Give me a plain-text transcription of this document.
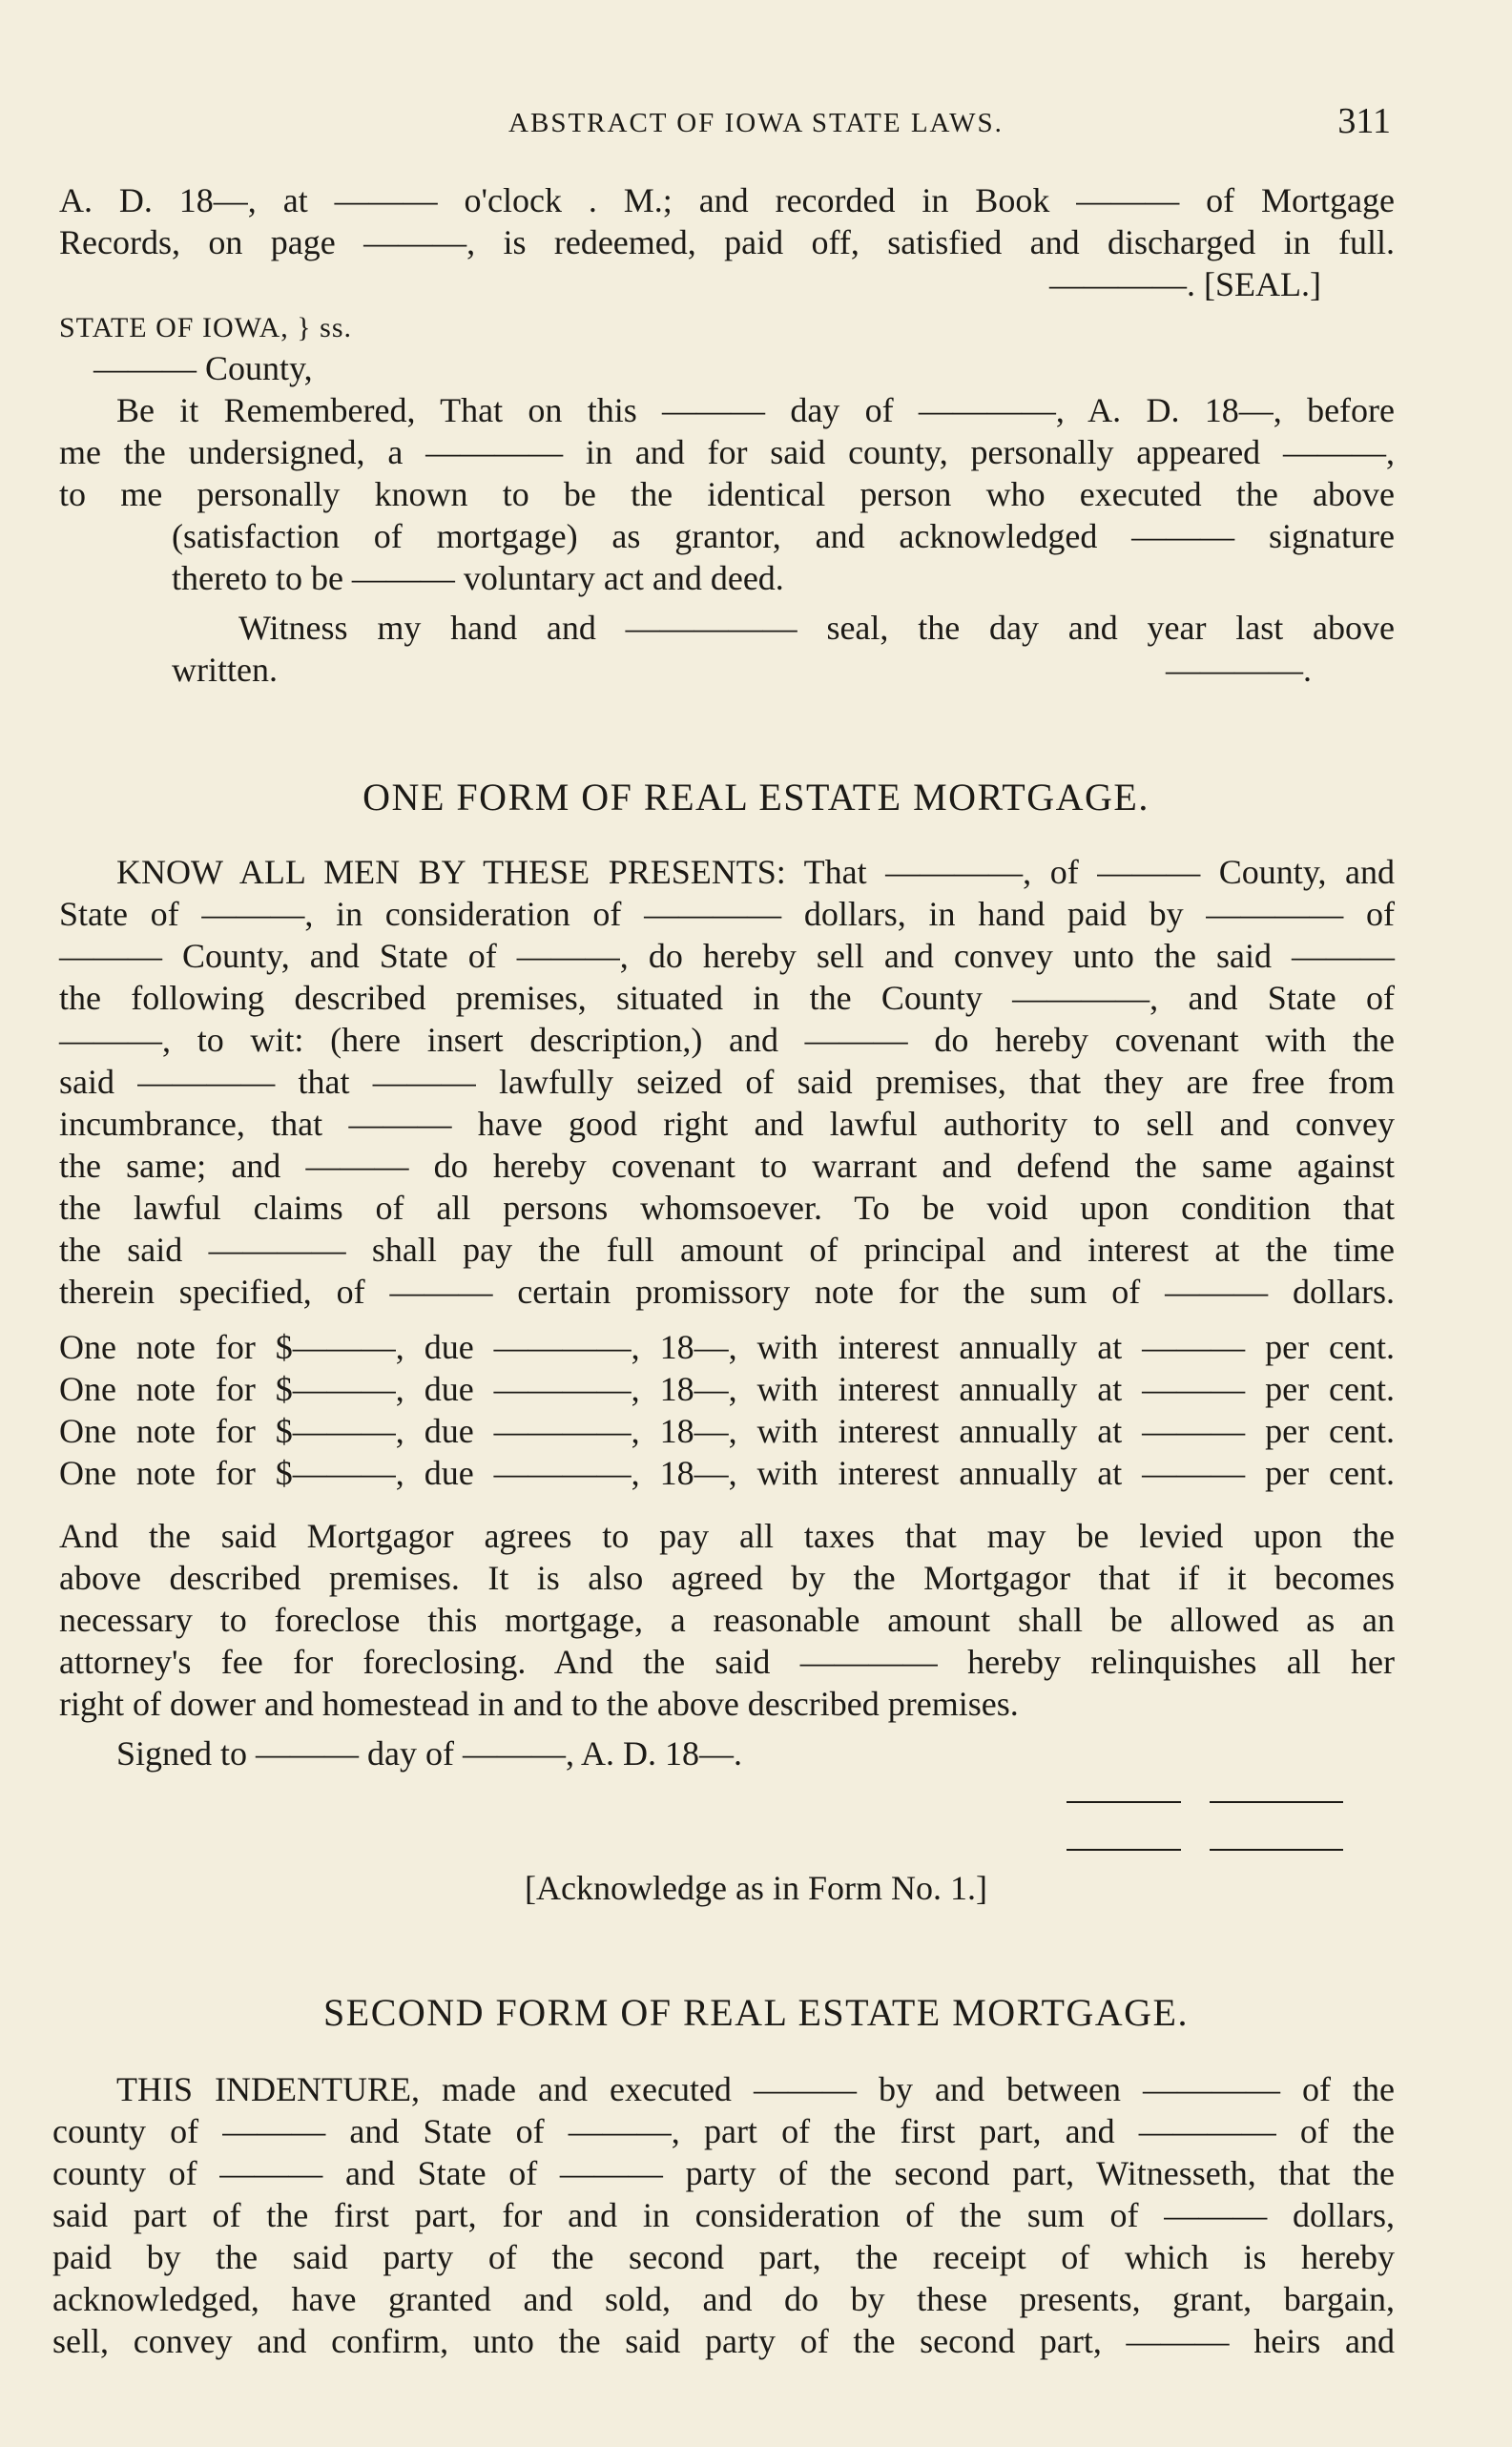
ABSTRACT OF IOWA STATE LAWS.	311
A. D. 18—, at ——— o'clock . M.; and recorded in Book ——— of Mortgage
Records, on page ———, is redeemed, paid off, satisfied and discharged in full.
————. [SEAL.]
STATE OF IOWA, } ss.
——— County,
Be it Remembered, That on this ——— day of ————, A. D. 18—, before
me the undersigned, a ———— in and for said county, personally appeared ———,
to me personally known to be the identical person who executed the above
(satisfaction of mortgage) as grantor, and acknowledged ——— signature
thereto to be ——— voluntary act and deed.
Witness my hand and ————— seal, the day and year last above
written.	————.
ONE FORM OF REAL ESTATE MORTGAGE.
KNOW ALL MEN BY THESE PRESENTS: That ————, of ——— County, and
State of ———, in consideration of ———— dollars, in hand paid by ———— of
——— County, and State of ———, do hereby sell and convey unto the said ———
the following described premises, situated in the County ————, and State of
———, to wit: (here insert description,) and ——— do hereby covenant with the
said ———— that ——— lawfully seized of said premises, that they are free from
incumbrance, that ——— have good right and lawful authority to sell and convey
the same; and ——— do hereby covenant to warrant and defend the same against
the lawful claims of all persons whomsoever. To be void upon condition that
the said ———— shall pay the full amount of principal and interest at the time
therein specified, of ——— certain promissory note for the sum of ——— dollars.
One note for $———, due ————, 18—, with interest annually at ——— per cent.
One note for $———, due ————, 18—, with interest annually at ——— per cent.
One note for $———, due ————, 18—, with interest annually at ——— per cent.
One note for $———, due ————, 18—, with interest annually at ——— per cent.
And the said Mortgagor agrees to pay all taxes that may be levied upon the
above described premises. It is also agreed by the Mortgagor that if it becomes
necessary to foreclose this mortgage, a reasonable amount shall be allowed as an
attorney's fee for foreclosing. And the said ———— hereby relinquishes all her
right of dower and homestead in and to the above described premises.
Signed to ——— day of ———, A. D. 18—.
[Acknowledge as in Form No. 1.]
SECOND FORM OF REAL ESTATE MORTGAGE.
THIS INDENTURE, made and executed ——— by and between ———— of the
county of ——— and State of ———, part of the first part, and ———— of the
county of ——— and State of ——— party of the second part, Witnesseth, that the
said part of the first part, for and in consideration of the sum of ——— dollars,
paid by the said party of the second part, the receipt of which is hereby
acknowledged, have granted and sold, and do by these presents, grant, bargain,
sell, convey and confirm, unto the said party of the second part, ——— heirs and
